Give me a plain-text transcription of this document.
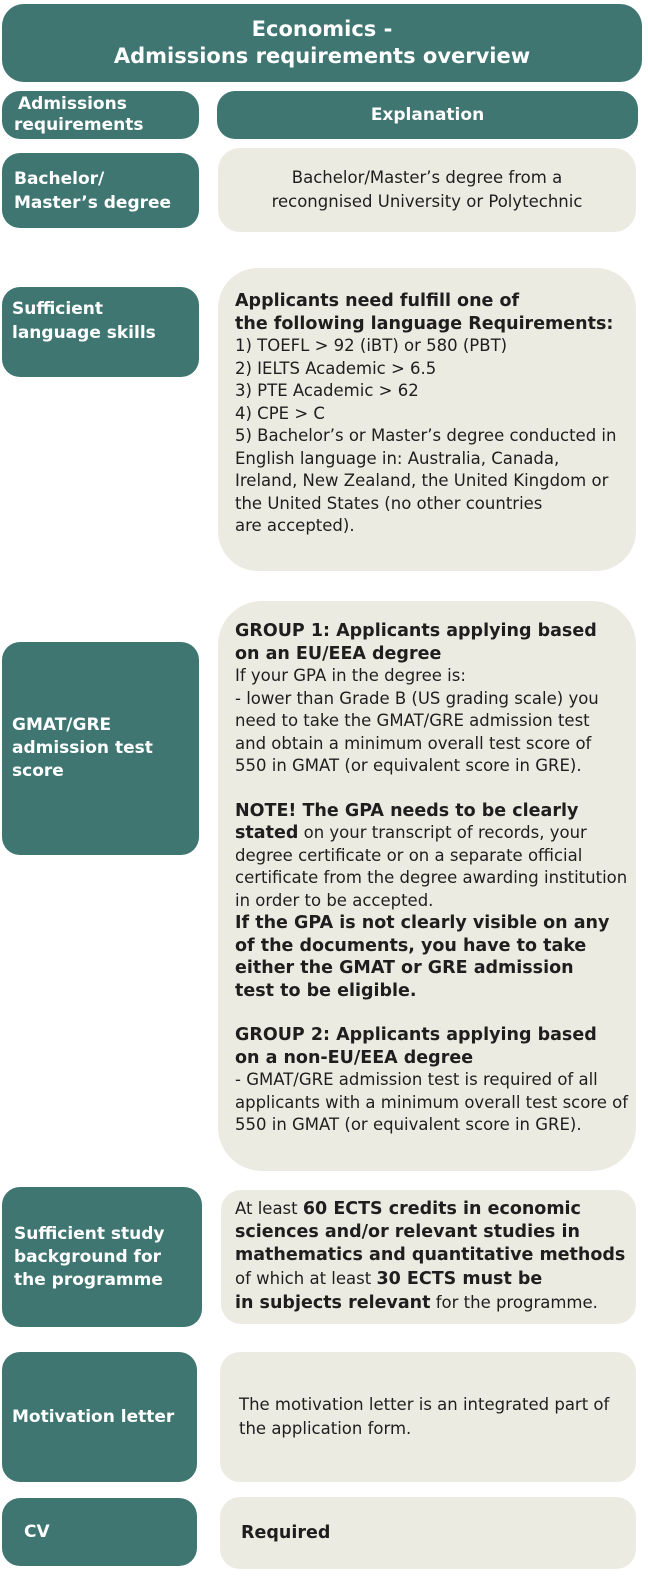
Economics -
Admissions requirements overview
Admissions
requirements	Explanation
Bachelor/
Master’s degree
Bachelor/Master’s degree from a
recongnised University or Polytechnic
Sufficient
language skills

Applicants need fulfill one of

the following language Requirements:

1) TOEFL > 92 (iBT) or 580 (PBT)

2) IELTS Academic > 6.5

3) PTE Academic > 62

4) CPE > C

5) Bachelor’s or Master’s degree conducted in

English language in: Australia, Canada,

Ireland, New Zealand, the United Kingdom or

the United States (no other countries

are accepted).

GMAT/GRE
admission test
score

GROUP 1: Applicants applying based

on an EU/EEA degree

If your GPA in the degree is:

- lower than Grade B (US grading scale) you

need to take the GMAT/GRE admission test

and obtain a minimum overall test score of

550 in GMAT (or equivalent score in GRE).

NOTE! The GPA needs to be clearly

stated on your transcript of records, your

degree certificate or on a separate official

certificate from the degree awarding institution

in order to be accepted.

If the GPA is not clearly visible on any

of the documents, you have to take

either the GMAT or GRE admission

test to be eligible.

GROUP 2: Applicants applying based

on a non-EU/EEA degree

- GMAT/GRE admission test is required of all

applicants with a minimum overall test score of

550 in GMAT (or equivalent score in GRE).

Sufficient study
background for
the programme

At least 60 ECTS credits in economic

sciences and/or relevant studies in

mathematics and quantitative methods

of which at least 30 ECTS must be

in subjects relevant for the programme.

Motivation letter
The motivation letter is an integrated part of
the application form.
CV	Required
